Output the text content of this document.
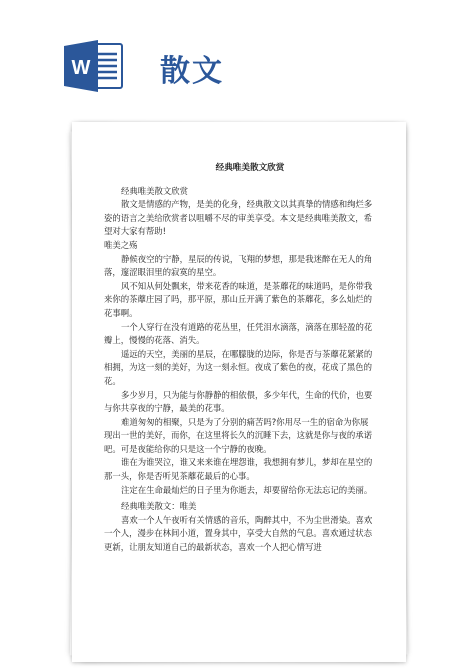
W 散文
经典唯美散文欣赏

经典唯美散文欣赏

散文是情感的产物，是美的化身，经典散文以其真挚的情感和绚烂多姿的语言之美给欣赏者以咀嚼不尽的审美享受。本文是经典唯美散文，希望对大家有帮助!

唯美之殇

静候夜空的宁静，星辰的传说，飞翔的梦想，那是我迷醉在无人的角落，邃涩眼泪里的寂寞的星空。

风不知从何处飘来，带来花香的味道，是茶蘼花的味道吗，是你带我来你的茶蘼庄园了吗，那平原，那山丘开满了紫色的茶蘼花，多么灿烂的花事啊。

一个人穿行在没有道路的花丛里，任凭泪水滴落，滴落在那轻盈的花瓣上，慢慢的花落、消失。

遥远的天空，美丽的星辰，在哪朦胧的边际，你是否与茶蘼花紧紧的相拥，为这一刻的美好，为这一刻永恒。夜成了紫色的夜，花成了黑色的花。

多少岁月，只为能与你静静的相依偎，多少年代，生命的代价，也要与你共享夜的宁静，最美的花事。

难道匆匆的相聚，只是为了分别的痛苦吗?你用尽一生的宿命为你展现出一世的美好，而你，在这里将长久的沉睡下去，这就是你与夜的承诺吧。可是夜能给你的只是这一个宁静的夜晚。

谁在为谁哭泣，谁又来来谁在埋怨谁，我想拥有梦儿，梦却在星空的那一头，你是否听见茶蘼花最后的心事。

注定在生命最灿烂的日子里为你逝去，却要留给你无法忘记的美丽。

经典唯美散文：唯美

喜欢一个人午夜听有关情感的音乐，陶醉其中，不为尘世滑染。喜欢一个人，漫步在林间小道，置身其中，享受大自然的气息。喜欢通过状态更新，让朋友知道自己的最新状态，喜欢一个人把心情写进
